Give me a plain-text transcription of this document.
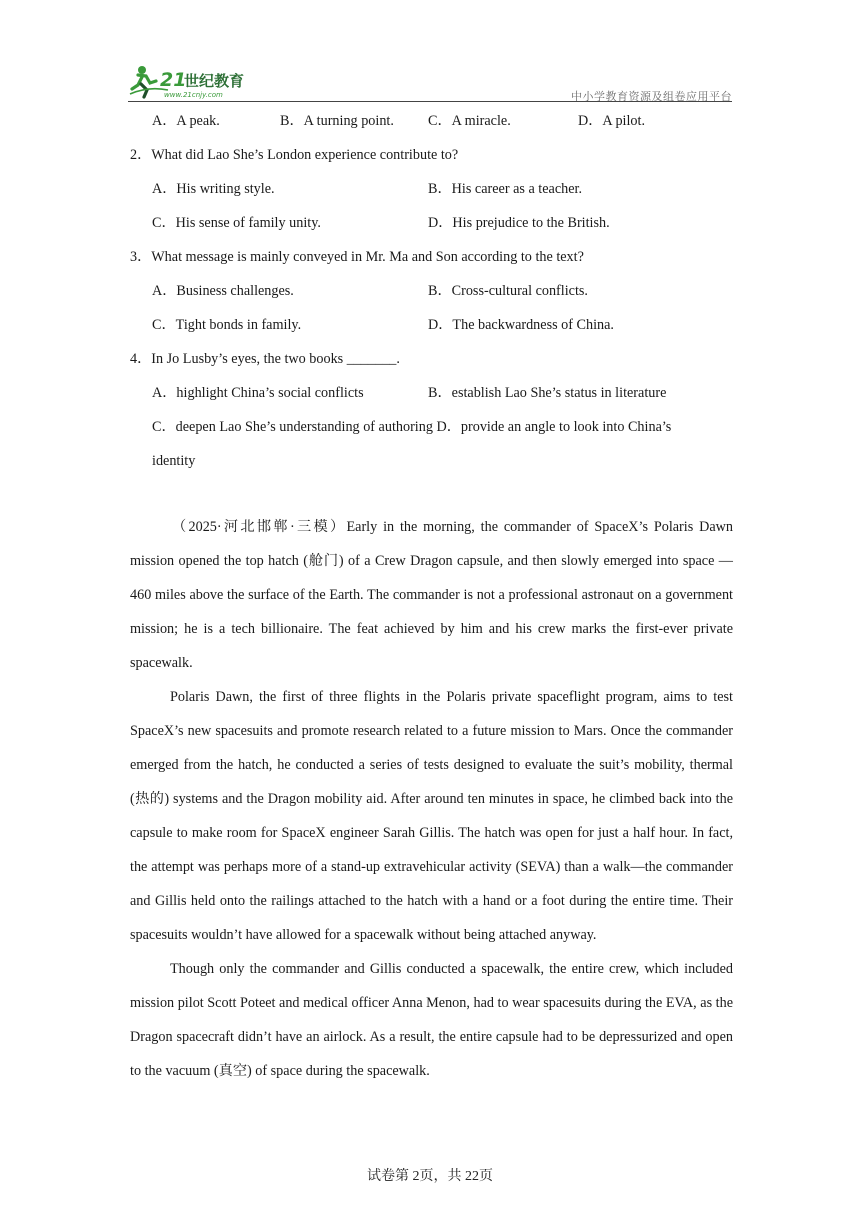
21
世纪教育
www.21cnjy.com	中小学教育资源及组卷应用平台
A．A peak.	B．A turning point. C．A miracle.	D．A pilot.
2．What did Lao She’s London experience contribute to?
A．His writing style.	B．His career as a teacher.
C．His sense of family unity.	D．His prejudice to the British.
3．What message is mainly conveyed in Mr. Ma and Son according to the text?
A．Business challenges.	B．Cross-cultural conflicts.
C．Tight bonds in family.	D．The backwardness of China.
4．In Jo Lusby’s eyes, the two books _______.
A．highlight China’s social conflicts	B．establish Lao She’s status in literature
C．deepen Lao She’s understanding of authoring D．provide an angle to look into China’s
identity

（2025·河北邯郸·三模）Early in the morning, the commander of SpaceX’s Polaris Dawn mission opened the top hatch (舱门) of a Crew Dragon capsule, and then slowly emerged into space — 460 miles above the surface of the Earth. The commander is not a professional astronaut on a government mission; he is a tech billionaire. The feat achieved by him and his crew marks the first-ever private spacewalk.

Polaris Dawn, the first of three flights in the Polaris private spaceflight program, aims to test SpaceX’s new spacesuits and promote research related to a future mission to Mars. Once the commander emerged from the hatch, he conducted a series of tests designed to evaluate the suit’s mobility, thermal (热的) systems and the Dragon mobility aid. After around ten minutes in space, he climbed back into the capsule to make room for SpaceX engineer Sarah Gillis. The hatch was open for just a half hour. In fact, the attempt was perhaps more of a stand-up extravehicular activity (SEVA) than a walk—the commander and Gillis held onto the railings attached to the hatch with a hand or a foot during the entire time. Their spacesuits wouldn’t have allowed for a spacewalk without being attached anyway.

Though only the commander and Gillis conducted a spacewalk, the entire crew, which included mission pilot Scott Poteet and medical officer Anna Menon, had to wear spacesuits during the EVA, as the Dragon spacecraft didn’t have an airlock. As a result, the entire capsule had to be depressurized and open to the vacuum (真空) of space during the spacewalk.

试卷第 2页，共 22页
